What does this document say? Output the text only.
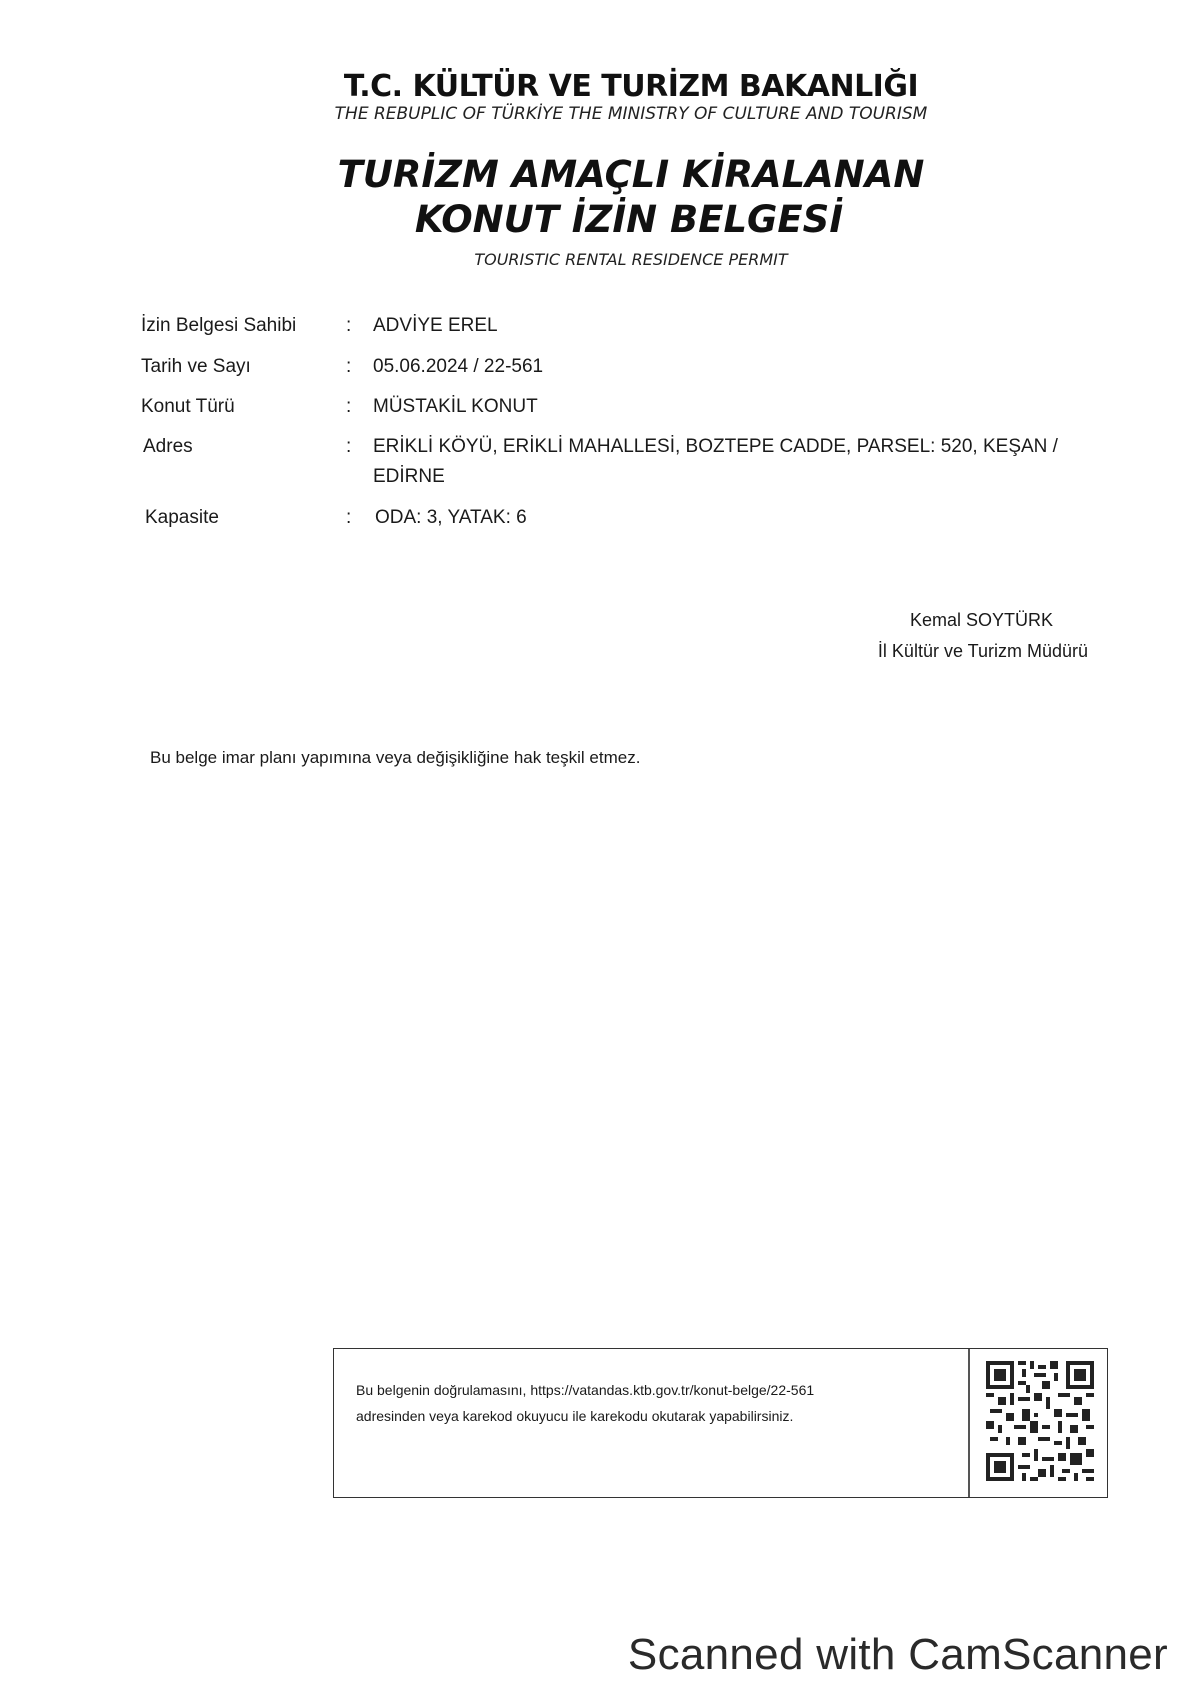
T.C. KÜLTÜR VE TURİZM BAKANLIĞI
THE REBUPLIC OF TÜRKİYE THE MINISTRY OF CULTURE AND TOURISM
TURİZM AMAÇLI KİRALANAN
KONUT İZİN BELGESİ
TOURISTIC RENTAL RESIDENCE PERMIT
İzin Belgesi Sahibi	: ADVİYE EREL
Tarih ve Sayı	: 05.06.2024 / 22-561
Konut Türü	: MÜSTAKİL KONUT
Adres	: ERİKLİ KÖYÜ, ERİKLİ MAHALLESİ, BOZTEPE CADDE, PARSEL: 520, KEŞAN /
EDİRNE
Kapasite	: ODA: 3, YATAK: 6
Kemal SOYTÜRK
İl Kültür ve Turizm Müdürü
Bu belge imar planı yapımına veya değişikliğine hak teşkil etmez.
Bu belgenin doğrulamasını, https://vatandas.ktb.gov.tr/konut-belge/22-561
adresinden veya karekod okuyucu ile karekodu okutarak yapabilirsiniz.
Scanned with CamScanner
